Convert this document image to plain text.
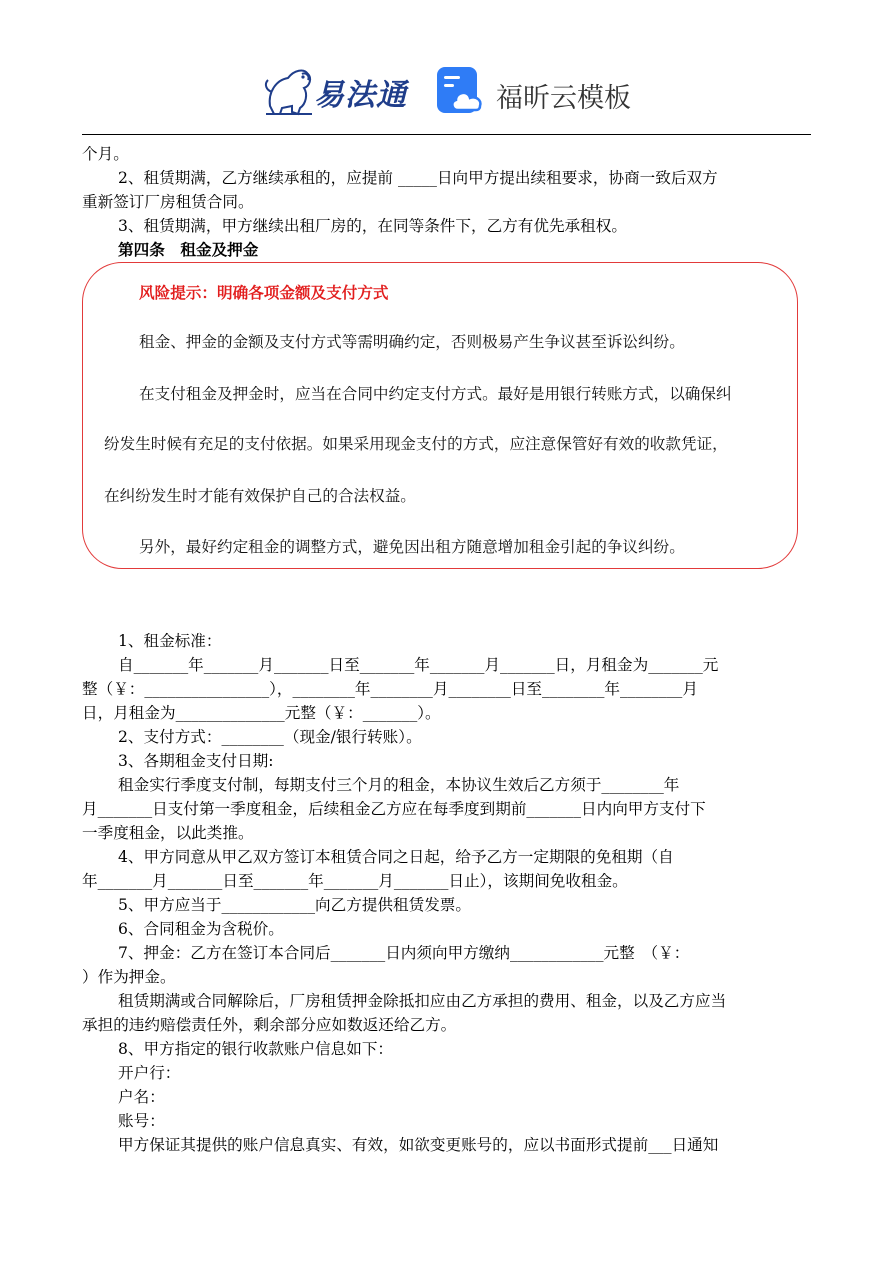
易法通	福昕云模板
个月。
2、租赁期满，乙方继续承租的，应提前 _____日向甲方提出续租要求，协商一致后双方
重新签订厂房租赁合同。
3、租赁期满，甲方继续出租厂房的，在同等条件下，乙方有优先承租权。
第四条　租金及押金
风险提示：明确各项金额及支付方式
租金、押金的金额及支付方式等需明确约定，否则极易产生争议甚至诉讼纠纷。
在支付租金及押金时，应当在合同中约定支付方式。最好是用银行转账方式，以确保纠
纷发生时候有充足的支付依据。如果采用现金支付的方式，应注意保管好有效的收款凭证，
在纠纷发生时才能有效保护自己的合法权益。
另外，最好约定租金的调整方式，避免因出租方随意增加租金引起的争议纠纷。
1、租金标准：
自_______年_______月_______日至_______年_______月_______日，月租金为_______元
整（￥：________________），________年________月________日至________年________月
日，月租金为______________元整（￥：_______）。
2、支付方式：________（现金/银行转账）。
3、各期租金支付日期:
租金实行季度支付制，每期支付三个月的租金，本协议生效后乙方须于________年
月_______日支付第一季度租金，后续租金乙方应在每季度到期前_______日内向甲方支付下
一季度租金，以此类推。
4、甲方同意从甲乙双方签订本租赁合同之日起，给予乙方一定期限的免租期（自
年_______月_______日至_______年_______月_______日止），该期间免收租金。
5、甲方应当于____________向乙方提供租赁发票。
6、合同租金为含税价。
7、押金：乙方在签订本合同后_______日内须向甲方缴纳____________元整　（￥：
）作为押金。
租赁期满或合同解除后，厂房租赁押金除抵扣应由乙方承担的费用、租金，以及乙方应当
承担的违约赔偿责任外，剩余部分应如数返还给乙方。
8、甲方指定的银行收款账户信息如下：
开户行：
户名：
账号：
甲方保证其提供的账户信息真实、有效，如欲变更账号的，应以书面形式提前___日通知
